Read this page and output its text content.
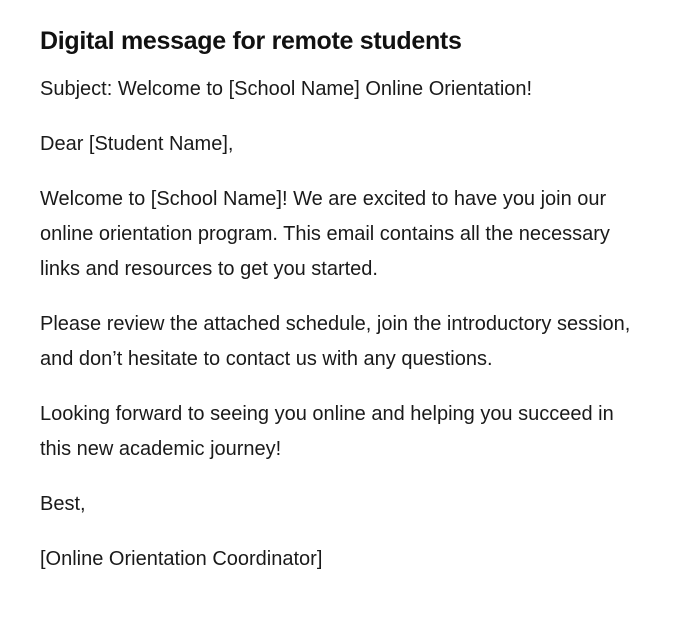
Digital message for remote students

Subject: Welcome to [School Name] Online Orientation!

Dear [Student Name],

Welcome to [School Name]! We are excited to have you join our online orientation program. This email contains all the necessary links and resources to get you started.

Please review the attached schedule, join the introductory session, and don’t hesitate to contact us with any questions.

Looking forward to seeing you online and helping you succeed in this new academic journey!

Best,

[Online Orientation Coordinator]
